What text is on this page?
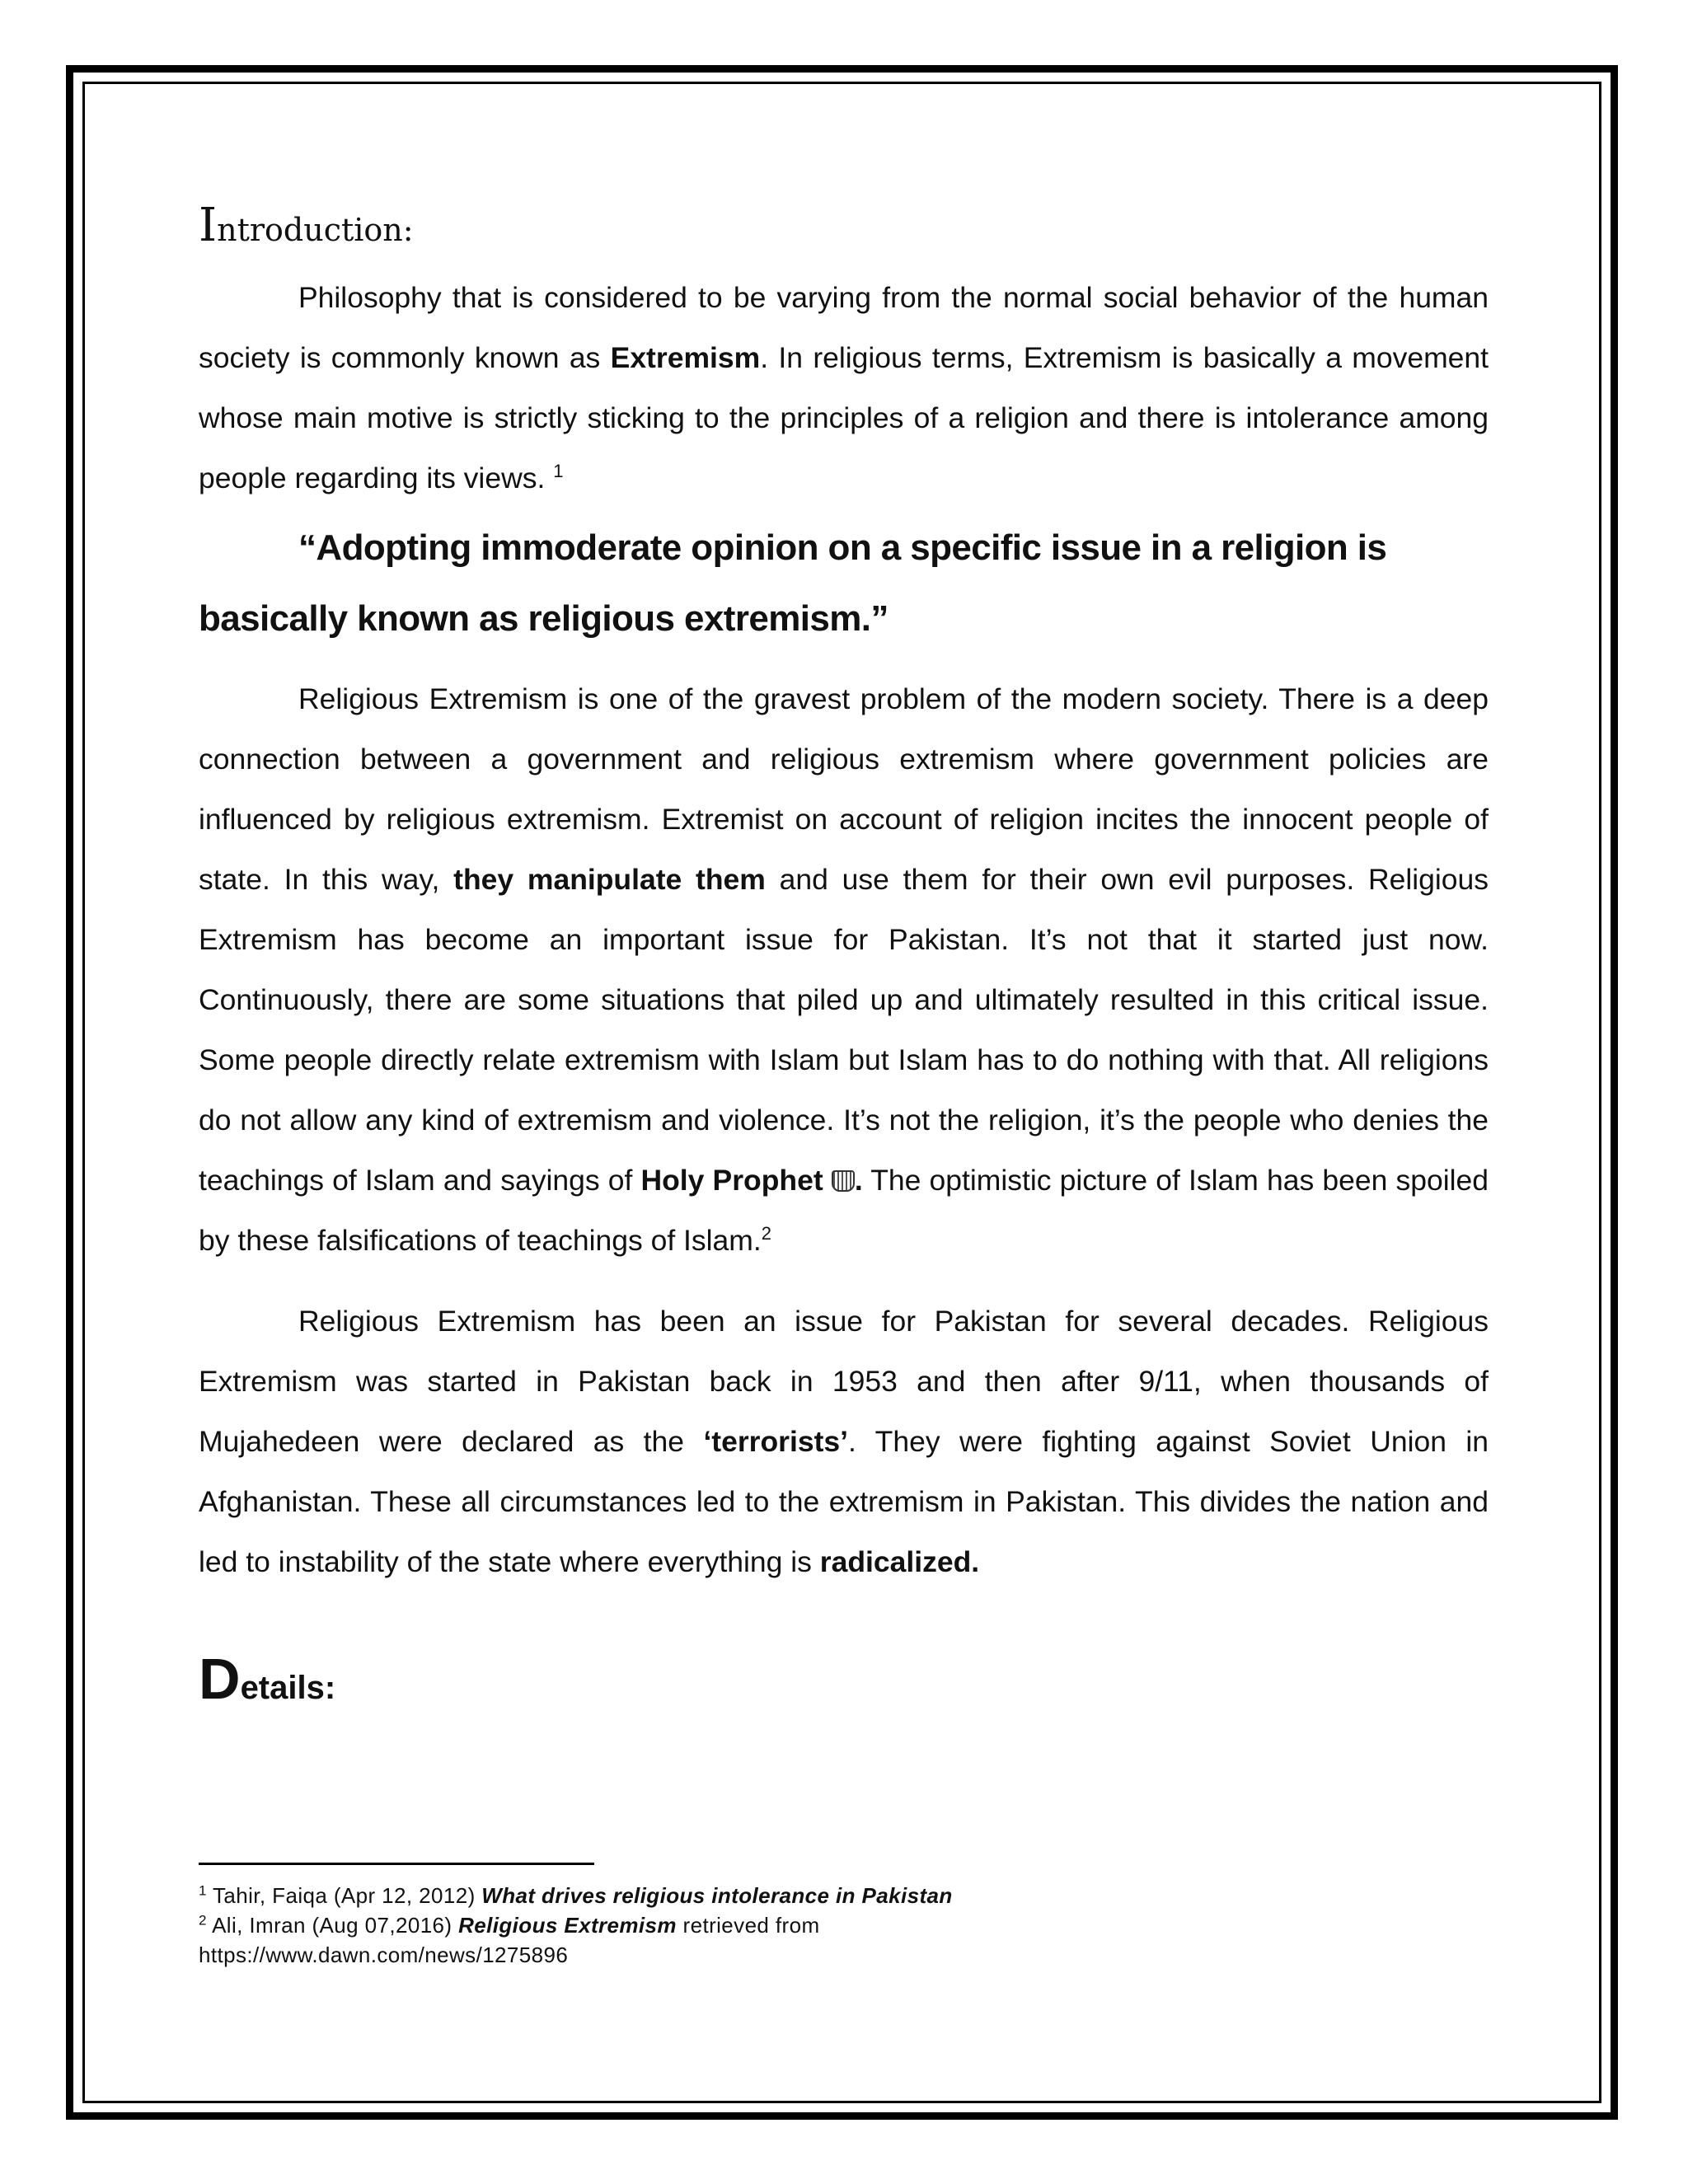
Introduction:

Philosophy that is considered to be varying from the normal social behavior of the human society is commonly known as Extremism. In religious terms, Extremism is basically a movement whose main motive is strictly sticking to the principles of a religion and there is intolerance among people regarding its views. $^1$

“Adopting immoderate opinion on a specific issue in a religion is basically known as religious extremism.”

Religious Extremism is one of the gravest problem of the modern society. There is a deep connection between a government and religious extremism where government policies are influenced by religious extremism. Extremist on account of religion incites the innocent people of state. In this way, they manipulate them and use them for their own evil purposes. Religious Extremism has become an important issue for Pakistan. It’s not that it started just now. Continuously, there are some situations that piled up and ultimately resulted in this critical issue. Some people directly relate extremism with Islam but Islam has to do nothing with that. All religions do not allow any kind of extremism and violence. It’s not the religion, it’s the people who denies the teachings of Islam and sayings of Holy Prophet . The optimistic picture of Islam has been spoiled by these falsifications of teachings of Islam.$^2$

Religious Extremism has been an issue for Pakistan for several decades. Religious Extremism was started in Pakistan back in 1953 and then after 9/11, when thousands of Mujahedeen were declared as the ‘terrorists’. They were fighting against Soviet Union in Afghanistan. These all circumstances led to the extremism in Pakistan. This divides the nation and led to instability of the state where everything is radicalized.

Details:

$^1$ Tahir, Faiqa (Apr 12, 2012) What drives religious intolerance in Pakistan

$^2$ Ali, Imran (Aug 07,2016) Religious Extremism retrieved from

https://www.dawn.com/news/1275896
